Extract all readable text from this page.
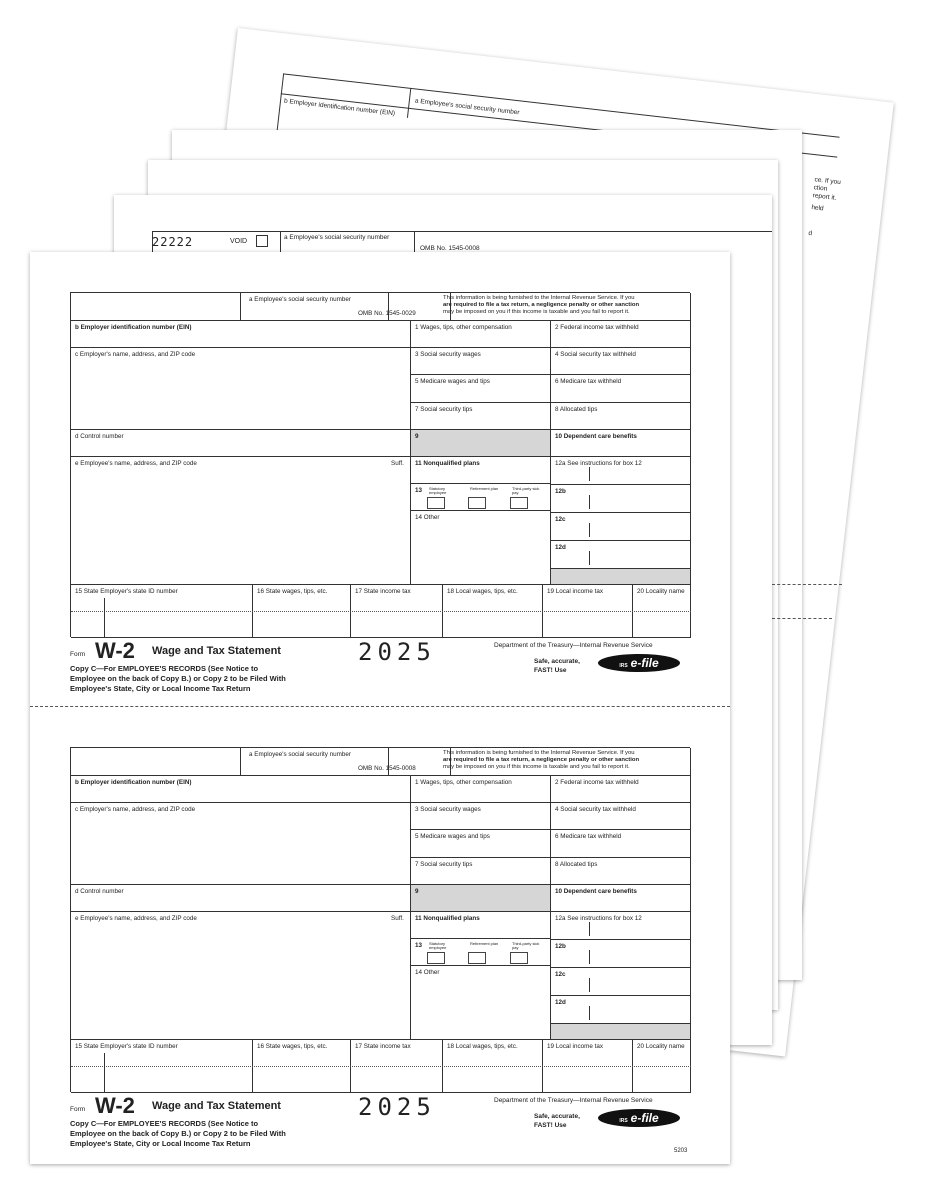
a Employee's social security number
b Employer identification number (EIN)
ce. If you
ction
report it.
held
d
22222	VOID
a Employee's social security number
OMB No. 1545-0008
a Employee's social security number
b Employer identification number (EIN)	1 Wages, tips, other compensation	2 Federal income tax withheld
c Employer's name, address, and ZIP code	3 Social security wages	4 Social security tax withheld
5 Medicare wages and tips	6 Medicare tax withheld
7 Social security tips	8 Allocated tips
d Control number	9	10 Dependent care benefits
e Employee's name, address, and ZIP code	11 Nonqualified plans	12a See instructions for box 12
13	12b
14 Other	12c
12d
15 State Employer's state ID number	16 State wages, tips, etc.	17 State income tax	18 Local wages, tips, etc.	19 Local income tax	20 Locality name
OMB No. 1545-0029
This information is being furnished to the Internal Revenue Service. If you
are required to file a tax return, a negligence penalty or other sanction
may be imposed on you if this income is taxable and you fail to report it.
Suff.
Statutory employee
Retirement plan	Third-party sick pay
Form W-2 Wage and Tax Statement	2025	Department of the Treasury—Internal Revenue Service
Copy C—For EMPLOYEE'S RECORDS (See Notice to
Employee on the back of Copy B.) or Copy 2 to be Filed With
Employee's State, City or Local Income Tax Return
Safe, accurate,
FAST! Use
IRS e-file
a Employee's social security number
b Employer identification number (EIN)	1 Wages, tips, other compensation	2 Federal income tax withheld
c Employer's name, address, and ZIP code	3 Social security wages	4 Social security tax withheld
5 Medicare wages and tips	6 Medicare tax withheld
7 Social security tips	8 Allocated tips
d Control number	9	10 Dependent care benefits
e Employee's name, address, and ZIP code	11 Nonqualified plans	12a See instructions for box 12
13	12b
14 Other	12c
12d
15 State Employer's state ID number	16 State wages, tips, etc.	17 State income tax	18 Local wages, tips, etc.	19 Local income tax	20 Locality name
OMB No. 1545-0008
This information is being furnished to the Internal Revenue Service. If you
are required to file a tax return, a negligence penalty or other sanction
may be imposed on you if this income is taxable and you fail to report it.
Suff.
Statutory employee
Retirement plan	Third-party sick pay
Form W-2 Wage and Tax Statement	2025	Department of the Treasury—Internal Revenue Service
Copy C—For EMPLOYEE'S RECORDS (See Notice to
Employee on the back of Copy B.) or Copy 2 to be Filed With
Employee's State, City or Local Income Tax Return
Safe, accurate,
FAST! Use
IRS e-file
5203
